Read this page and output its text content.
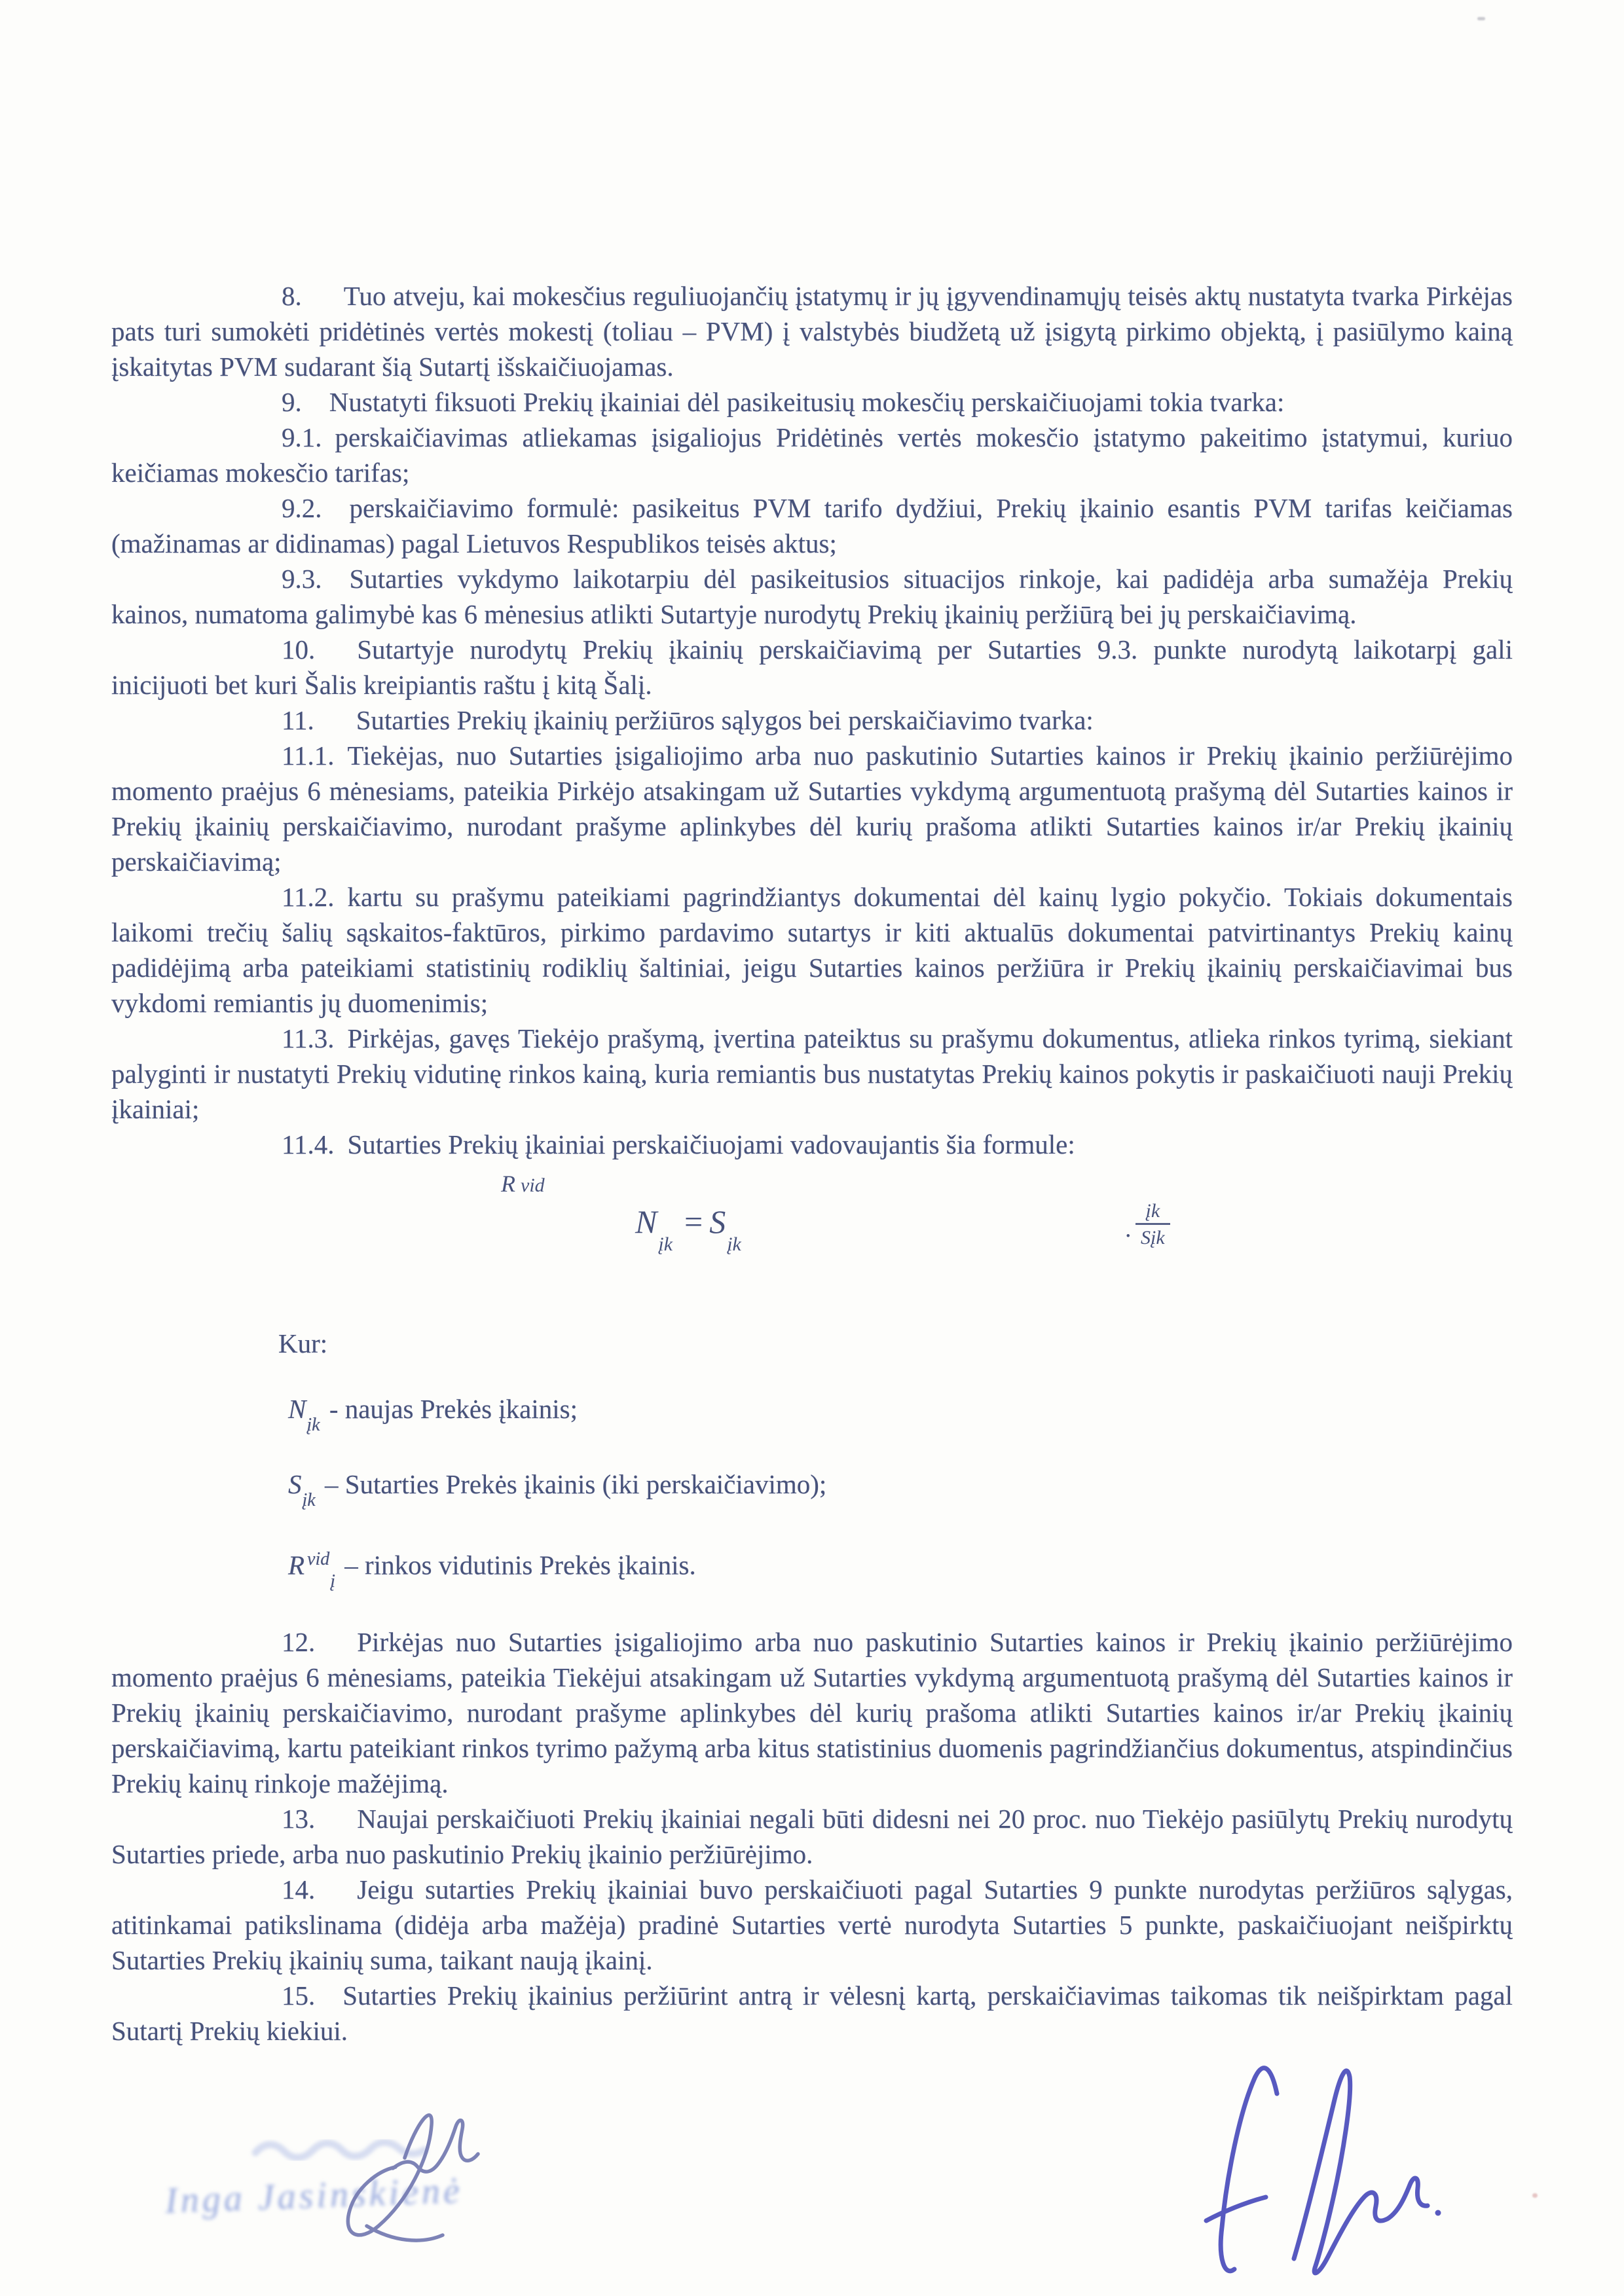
8. Tuo atveju, kai mokesčius reguliuojančių įstatymų ir jų įgyvendinamųjų teisės aktų nustatyta tvarka Pirkėjas pats turi sumokėti pridėtinės vertės mokestį (toliau – PVM) į valstybės biudžetą už įsigytą pirkimo objektą, į pasiūlymo kainą įskaitytas PVM sudarant šią Sutartį išskaičiuojamas.

9. Nustatyti fiksuoti Prekių įkainiai dėl pasikeitusių mokesčių perskaičiuojami tokia tvarka:

9.1. perskaičiavimas atliekamas įsigaliojus Pridėtinės vertės mokesčio įstatymo pakeitimo įstatymui, kuriuo keičiamas mokesčio tarifas;

9.2. perskaičiavimo formulė: pasikeitus PVM tarifo dydžiui, Prekių įkainio esantis PVM tarifas keičiamas (mažinamas ar didinamas) pagal Lietuvos Respublikos teisės aktus;

9.3. Sutarties vykdymo laikotarpiu dėl pasikeitusios situacijos rinkoje, kai padidėja arba sumažėja Prekių kainos, numatoma galimybė kas 6 mėnesius atlikti Sutartyje nurodytų Prekių įkainių peržiūrą bei jų perskaičiavimą.

10. Sutartyje nurodytų Prekių įkainių perskaičiavimą per Sutarties 9.3. punkte nurodytą laikotarpį gali inicijuoti bet kuri Šalis kreipiantis raštu į kitą Šalį.

11. Sutarties Prekių įkainių peržiūros sąlygos bei perskaičiavimo tvarka:

11.1. Tiekėjas, nuo Sutarties įsigaliojimo arba nuo paskutinio Sutarties kainos ir Prekių įkainio peržiūrėjimo momento praėjus 6 mėnesiams, pateikia Pirkėjo atsakingam už Sutarties vykdymą argumentuotą prašymą dėl Sutarties kainos ir Prekių įkainių perskaičiavimo, nurodant prašyme aplinkybes dėl kurių prašoma atlikti Sutarties kainos ir/ar Prekių įkainių perskaičiavimą;

11.2. kartu su prašymu pateikiami pagrindžiantys dokumentai dėl kainų lygio pokyčio. Tokiais dokumentais laikomi trečių šalių sąskaitos-faktūros, pirkimo pardavimo sutartys ir kiti aktualūs dokumentai patvirtinantys Prekių kainų padidėjimą arba pateikiami statistinių rodiklių šaltiniai, jeigu Sutarties kainos peržiūra ir Prekių įkainių perskaičiavimai bus vykdomi remiantis jų duomenimis;

11.3. Pirkėjas, gavęs Tiekėjo prašymą, įvertina pateiktus su prašymu dokumentus, atlieka rinkos tyrimą, siekiant palyginti ir nustatyti Prekių vidutinę rinkos kainą, kuria remiantis bus nustatytas Prekių kainos pokytis ir paskaičiuoti nauji Prekių įkainiai;

11.4. Sutarties Prekių įkainiai perskaičiuojami vadovaujantis šia formule:

R vid
$N_{įk}= S_{įk}$
. $\frac{įk}{\text{Sįk}}$
Kur:
$N_{įk}$ - naujas Prekės įkainis;
$S_{įk}$ – Sutarties Prekės įkainis (iki perskaičiavimo);
R $^{vid}_į$ – rinkos vidutinis Prekės įkainis.

12. Pirkėjas nuo Sutarties įsigaliojimo arba nuo paskutinio Sutarties kainos ir Prekių įkainio peržiūrėjimo momento praėjus 6 mėnesiams, pateikia Tiekėjui atsakingam už Sutarties vykdymą argumentuotą prašymą dėl Sutarties kainos ir Prekių įkainių perskaičiavimo, nurodant prašyme aplinkybes dėl kurių prašoma atlikti Sutarties kainos ir/ar Prekių įkainių perskaičiavimą, kartu pateikiant rinkos tyrimo pažymą arba kitus statistinius duomenis pagrindžiančius dokumentus, atspindinčius Prekių kainų rinkoje mažėjimą.

13. Naujai perskaičiuoti Prekių įkainiai negali būti didesni nei 20 proc. nuo Tiekėjo pasiūlytų Prekių nurodytų Sutarties priede, arba nuo paskutinio Prekių įkainio peržiūrėjimo.

14. Jeigu sutarties Prekių įkainiai buvo perskaičiuoti pagal Sutarties 9 punkte nurodytas peržiūros sąlygas, atitinkamai patikslinama (didėja arba mažėja) pradinė Sutarties vertė nurodyta Sutarties 5 punkte, paskaičiuojant neišpirktų Sutarties Prekių įkainių suma, taikant naują įkainį.

15. Sutarties Prekių įkainius peržiūrint antrą ir vėlesnį kartą, perskaičiavimas taikomas tik neišpirktam pagal Sutartį Prekių kiekiui.

Inga Jasinskienė
